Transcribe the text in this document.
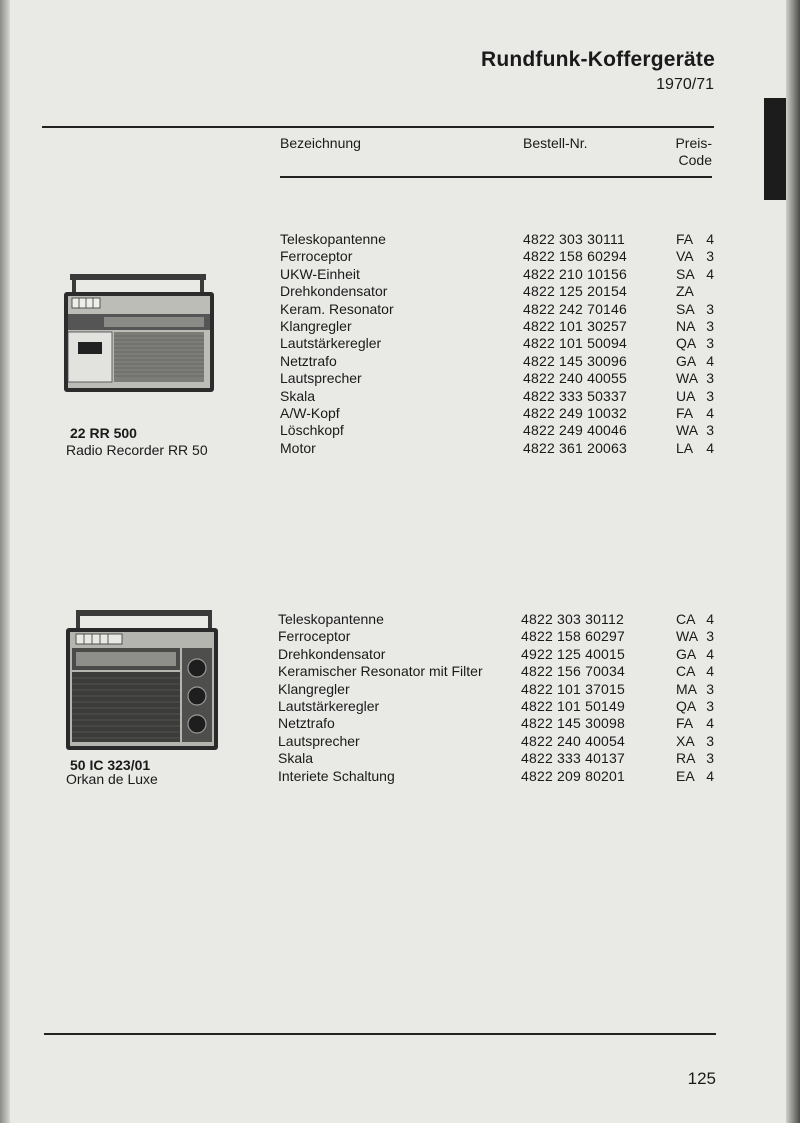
Rundfunk-Koffergeräte
1970/71
Bezeichnung	Bestell-Nr.	Preis-
Code
22 RR 500
Radio Recorder RR 50
Teleskopantenne	4822 303 30111	FA 4
Ferroceptor	4822 158 60294	VA 3
UKW-Einheit	4822 210 10156	SA 4
Drehkondensator	4822 125 20154	ZA
Keram. Resonator	4822 242 70146	SA 3
Klangregler	4822 101 30257	NA 3
Lautstärkeregler	4822 101 50094	QA 3
Netztrafo	4822 145 30096	GA 4
Lautsprecher	4822 240 40055	WA 3
Skala	4822 333 50337	UA 3
A/W-Kopf	4822 249 10032	FA 4
Löschkopf	4822 249 40046	WA 3
Motor	4822 361 20063	LA 4
50 IC 323/01
Orkan de Luxe
Teleskopantenne	4822 303 30112	CA 4
Ferroceptor	4822 158 60297	WA 3
Drehkondensator	4922 125 40015	GA 4
Keramischer Resonator mit Filter	4822 156 70034	CA 4
Klangregler	4822 101 37015	MA 3
Lautstärkeregler	4822 101 50149	QA 3
Netztrafo	4822 145 30098	FA 4
Lautsprecher	4822 240 40054	XA 3
Skala	4822 333 40137	RA 3
Interiete Schaltung	4822 209 80201	EA 4
125
